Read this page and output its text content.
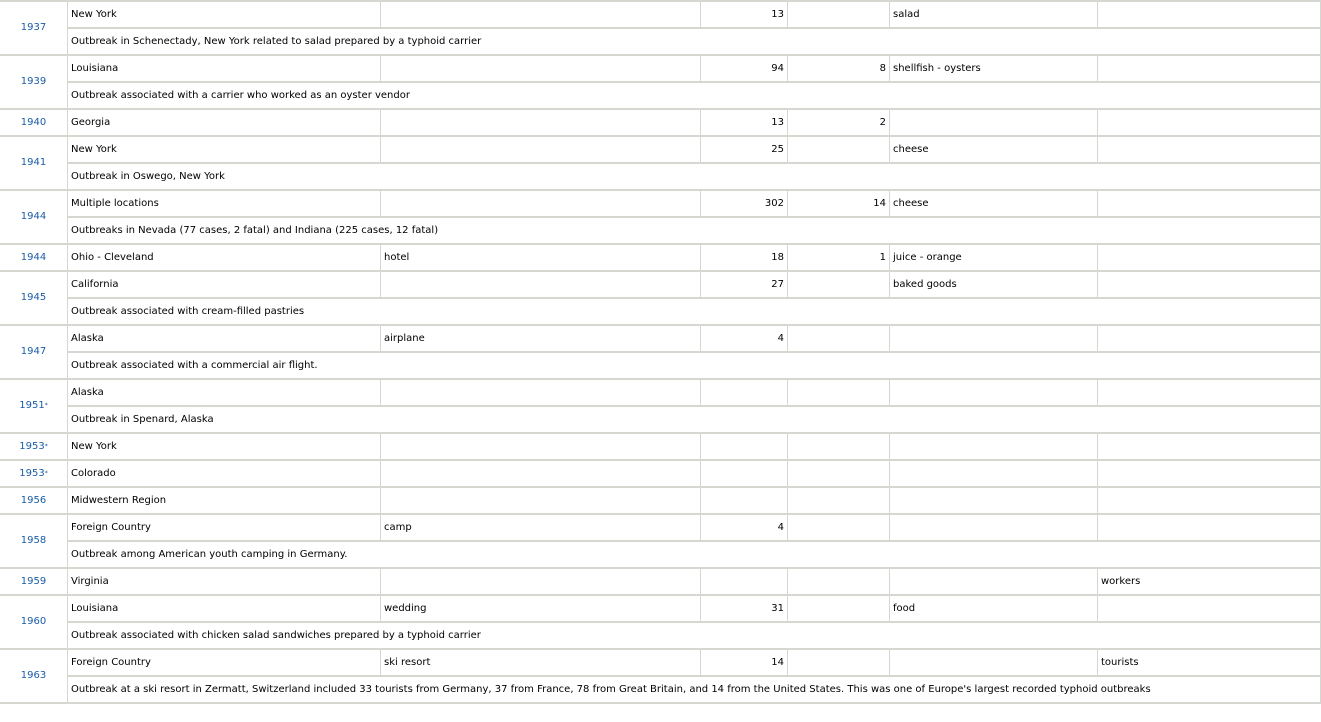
1937	New York		13		salad	
	Outbreak in Schenectady, New York related to salad prepared by a typhoid carrier					
1939	Louisiana		94	8	shellfish - oysters	
	Outbreak associated with a carrier who worked as an oyster vendor					
1940	Georgia		13	2		
1941	New York		25		cheese	
	Outbreak in Oswego, New York					
1944	Multiple locations		302	14	cheese	
	Outbreaks in Nevada (77 cases, 2 fatal) and Indiana (225 cases, 12 fatal)					
1944	Ohio - Cleveland	hotel	18	1	juice - orange	
1945	California		27		baked goods	
	Outbreak associated with cream-filled pastries					
1947	Alaska	airplane	4			
	Outbreak associated with a commercial air flight.					
1951*	Alaska					
	Outbreak in Spenard, Alaska					
1953*	New York					
1953*	Colorado					
1956	Midwestern Region					
1958	Foreign Country	camp	4			
	Outbreak among American youth camping in Germany.					
1959	Virginia					workers
1960	Louisiana	wedding	31		food	
	Outbreak associated with chicken salad sandwiches prepared by a typhoid carrier					
1963	Foreign Country	ski resort	14			tourists
	Outbreak at a ski resort in Zermatt, Switzerland included 33 tourists from Germany, 37 from France, 78 from Great Britain, and 14 from the United States. This was one of Europe's largest recorded typhoid outbreaks					
